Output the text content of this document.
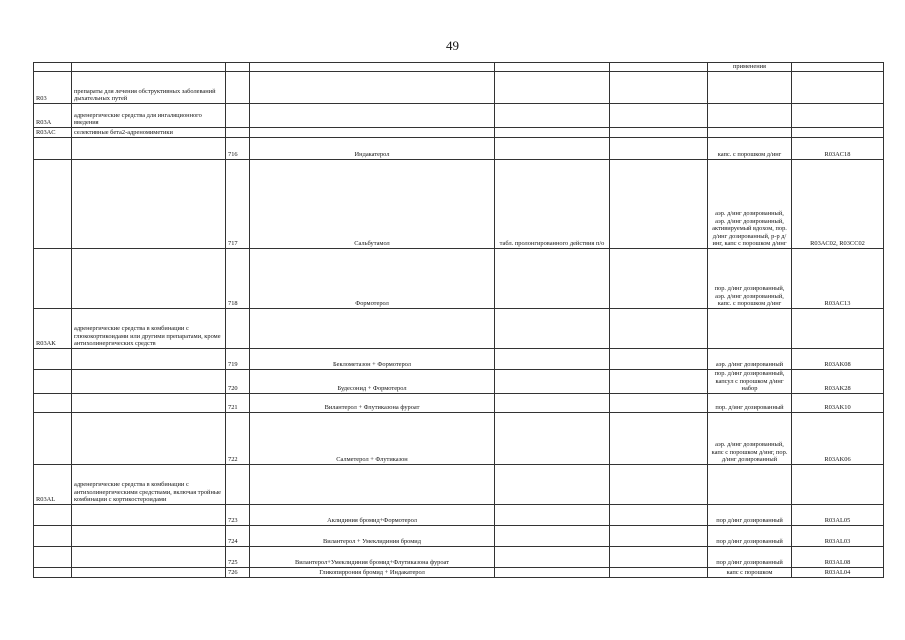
49
						применения	
R03	препараты для лечения обструктивных заболеваний дыхательных путей						
R03A	адренергические средства для ингаляционного введения						
R03AC	селективные бета2-адреномиметики						
		716	Индакатерол			капс. с порошком д/инг	R03AC18
		717	Сальбутамол	табл. пролонгированного действия п/о		аэр. д/инг дозированный, аэр. д/инг дозированный, активируемый вдохом, пор. д/инг дозированный, р-р д/инг, капс с порошком д/инг	R03AC02, R03CC02
		718	Формотерол			пор. д/инг дозированный, аэр. д/инг дозированный, капс. с порошком д/инг	R03AC13
R03AK	адренергические средства в комбинации с глюкокортикоидами или другими препаратами, кроме антихолинергических средств						
		719	Беклометазон + Формотерол			аэр. д/инг дозированный	R03AK08
		720	Будесонид + Формотерол			пор. д/инг дозированный, капсул с порошком д/инг набор	R03AK28
		721	Вилантерол + Флутиказона фуроат			пор. д/инг дозированный	R03AK10
		722	Салметерол + Флутиказон			аэр. д/инг дозированный, капс с порошком д/инг, пор. д/инг дозированный	R03AK06
R03AL	адренергические средства в комбинации с антихолинергическими средствами, включая тройные комбинации с кортикостероидами						
		723	Аклидиния бромид+Формотерол			пор д/инг дозированный	R03AL05
		724	Вилантерол + Умеклидиния бромид			пор д/инг дозированный	R03AL03
		725	Вилантерол+Умеклидиния бромид+Флутиказона фуроат			пор д/инг дозированный	R03AL08
		726	Гликопиррония бромид + Индакатерол			капс с порошком	R03AL04
